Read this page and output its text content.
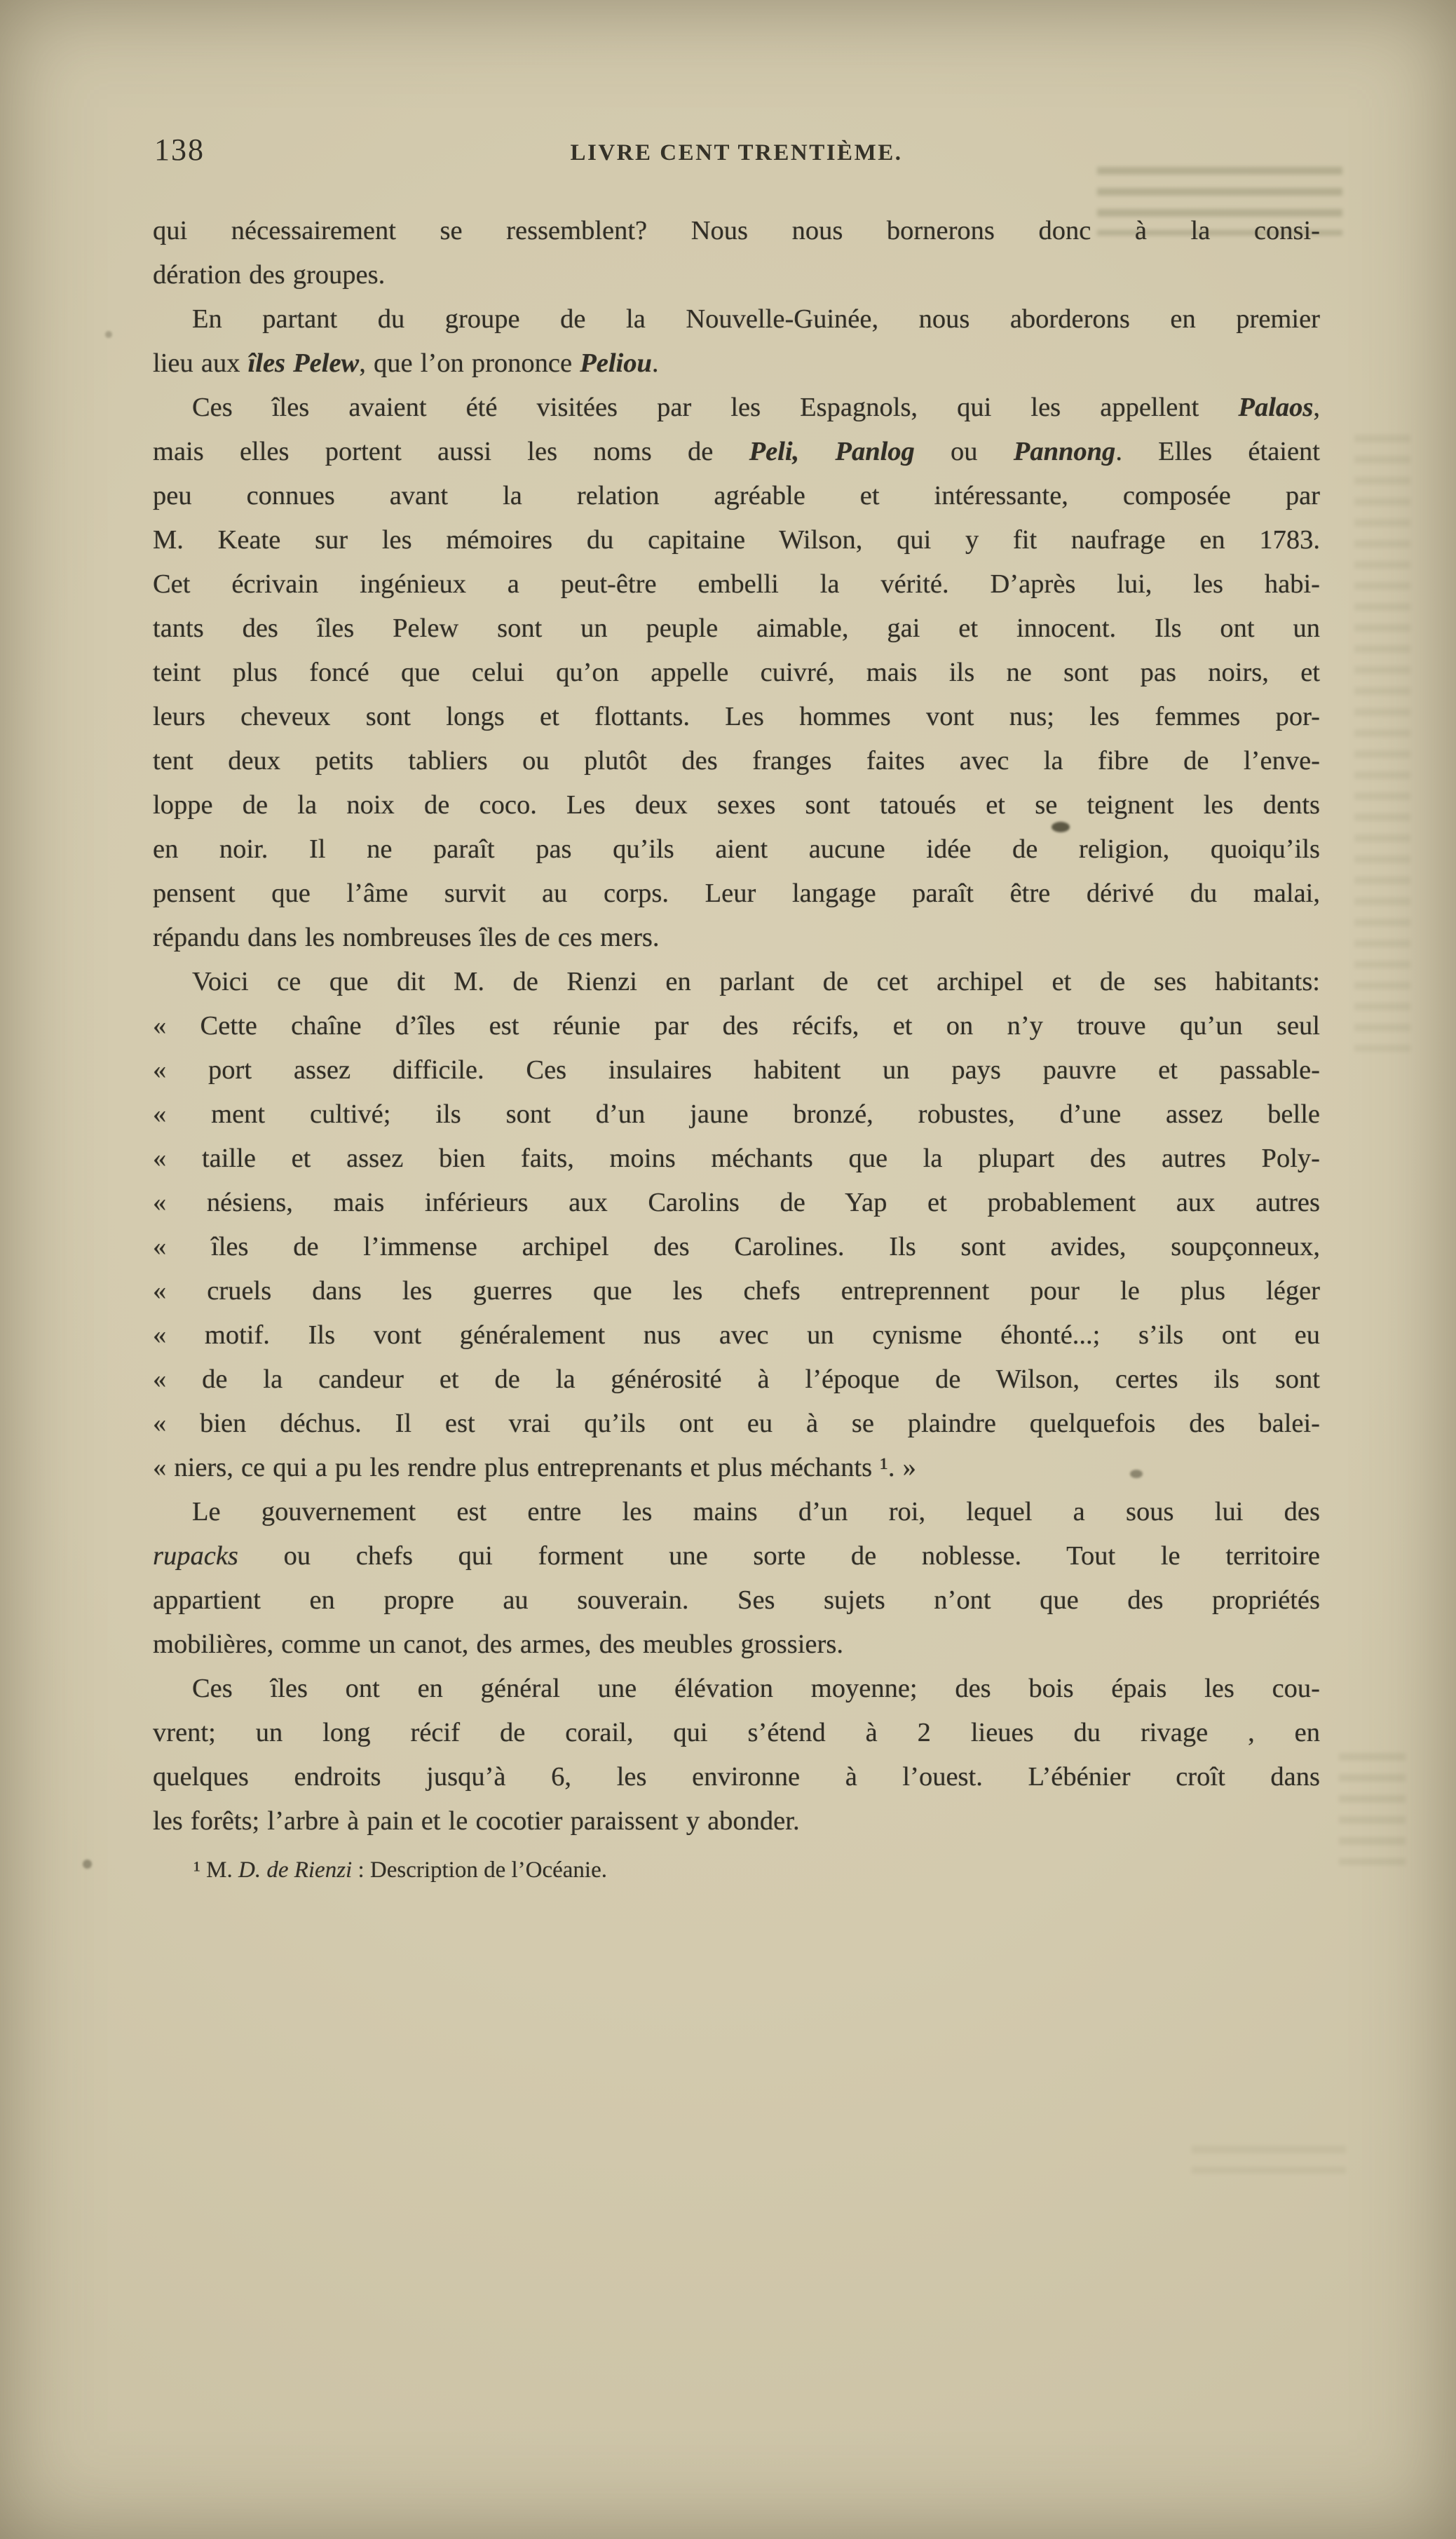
138	LIVRE CENT TRENTIÈME.
qui nécessairement se ressemblent? Nous nous bornerons donc à la consi-
dération des groupes.
En partant du groupe de la Nouvelle-Guinée, nous aborderons en premier
lieu aux îles Pelew, que l’on prononce Peliou.
Ces îles avaient été visitées par les Espagnols, qui les appellent Palaos,
mais elles portent aussi les noms de Peli, Panlog ou Pannong. Elles étaient
peu connues avant la relation agréable et intéressante, composée par
M. Keate sur les mémoires du capitaine Wilson, qui y fit naufrage en 1783.
Cet écrivain ingénieux a peut-être embelli la vérité. D’après lui, les habi-
tants des îles Pelew sont un peuple aimable, gai et innocent. Ils ont un
teint plus foncé que celui qu’on appelle cuivré, mais ils ne sont pas noirs, et
leurs cheveux sont longs et flottants. Les hommes vont nus; les femmes por-
tent deux petits tabliers ou plutôt des franges faites avec la fibre de l’enve-
loppe de la noix de coco. Les deux sexes sont tatoués et se teignent les dents
en noir. Il ne paraît pas qu’ils aient aucune idée de religion, quoiqu’ils
pensent que l’âme survit au corps. Leur langage paraît être dérivé du malai,
répandu dans les nombreuses îles de ces mers.
Voici ce que dit M. de Rienzi en parlant de cet archipel et de ses habitants:
« Cette chaîne d’îles est réunie par des récifs, et on n’y trouve qu’un seul
« port assez difficile. Ces insulaires habitent un pays pauvre et passable-
« ment cultivé; ils sont d’un jaune bronzé, robustes, d’une assez belle
« taille et assez bien faits, moins méchants que la plupart des autres Poly-
« nésiens, mais inférieurs aux Carolins de Yap et probablement aux autres
« îles de l’immense archipel des Carolines. Ils sont avides, soupçonneux,
« cruels dans les guerres que les chefs entreprennent pour le plus léger
« motif. Ils vont généralement nus avec un cynisme éhonté...; s’ils ont eu
« de la candeur et de la générosité à l’époque de Wilson, certes ils sont
« bien déchus. Il est vrai qu’ils ont eu à se plaindre quelquefois des balei-
« niers, ce qui a pu les rendre plus entreprenants et plus méchants ¹. »
Le gouvernement est entre les mains d’un roi, lequel a sous lui des
rupacks ou chefs qui forment une sorte de noblesse. Tout le territoire
appartient en propre au souverain. Ses sujets n’ont que des propriétés
mobilières, comme un canot, des armes, des meubles grossiers.
Ces îles ont en général une élévation moyenne; des bois épais les cou-
vrent; un long récif de corail, qui s’étend à 2 lieues du rivage , en
quelques endroits jusqu’à 6, les environne à l’ouest. L’ébénier croît dans
les forêts; l’arbre à pain et le cocotier paraissent y abonder.
¹ M. D. de Rienzi : Description de l’Océanie.
